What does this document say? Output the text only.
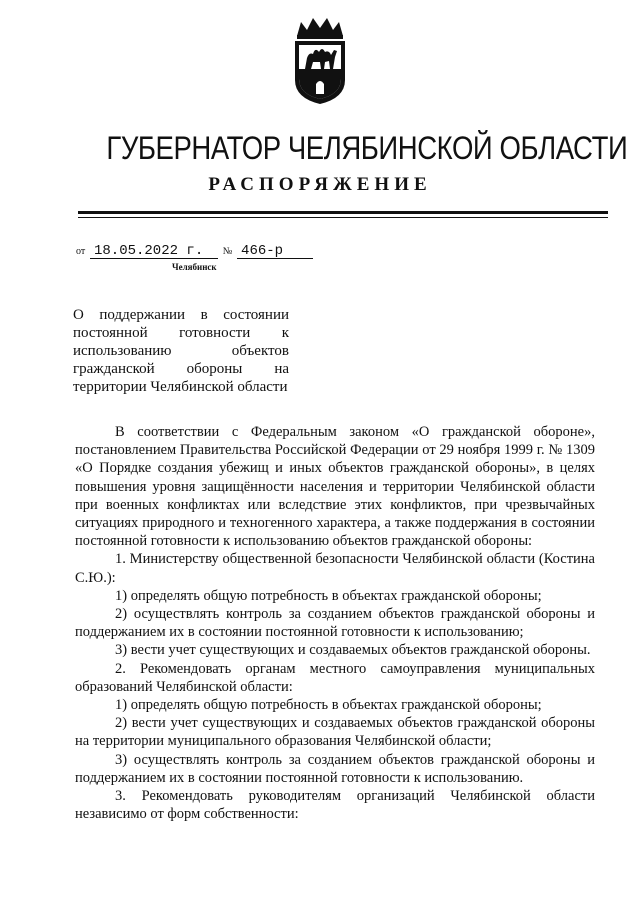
ГУБЕРНАТОР ЧЕЛЯБИНСКОЙ ОБЛАСТИ
РАСПОРЯЖЕНИЕ
от 18.05.2022 г. № 466-р
Челябинск
О поддержании в состоянии постоянной готовности к использованию объектов гражданской обороны на территории Челябинской области

В соответствии с Федеральным законом «О гражданской обороне», постановлением Правительства Российской Федерации от 29 ноября 1999 г. № 1309 «О Порядке создания убежищ и иных объектов гражданской обороны», в целях повышения уровня защищённости населения и территории Челябинской области при военных конфликтах или вследствие этих конфликтов, при чрезвычайных ситуациях природного и техногенного характера, а также поддержания в состоянии постоянной готовности к использованию объектов гражданской обороны:

1. Министерству общественной безопасности Челябинской области (Костина С.Ю.):

1) определять общую потребность в объектах гражданской обороны;

2) осуществлять контроль за созданием объектов гражданской обороны и поддержанием их в состоянии постоянной готовности к использованию;

3) вести учет существующих и создаваемых объектов гражданской обороны.

2. Рекомендовать органам местного самоуправления муниципальных образований Челябинской области:

1) определять общую потребность в объектах гражданской обороны;

2) вести учет существующих и создаваемых объектов гражданской обороны на территории муниципального образования Челябинской области;

3) осуществлять контроль за созданием объектов гражданской обороны и поддержанием их в состоянии постоянной готовности к использованию.

3. Рекомендовать руководителям организаций Челябинской области независимо от форм собственности:
